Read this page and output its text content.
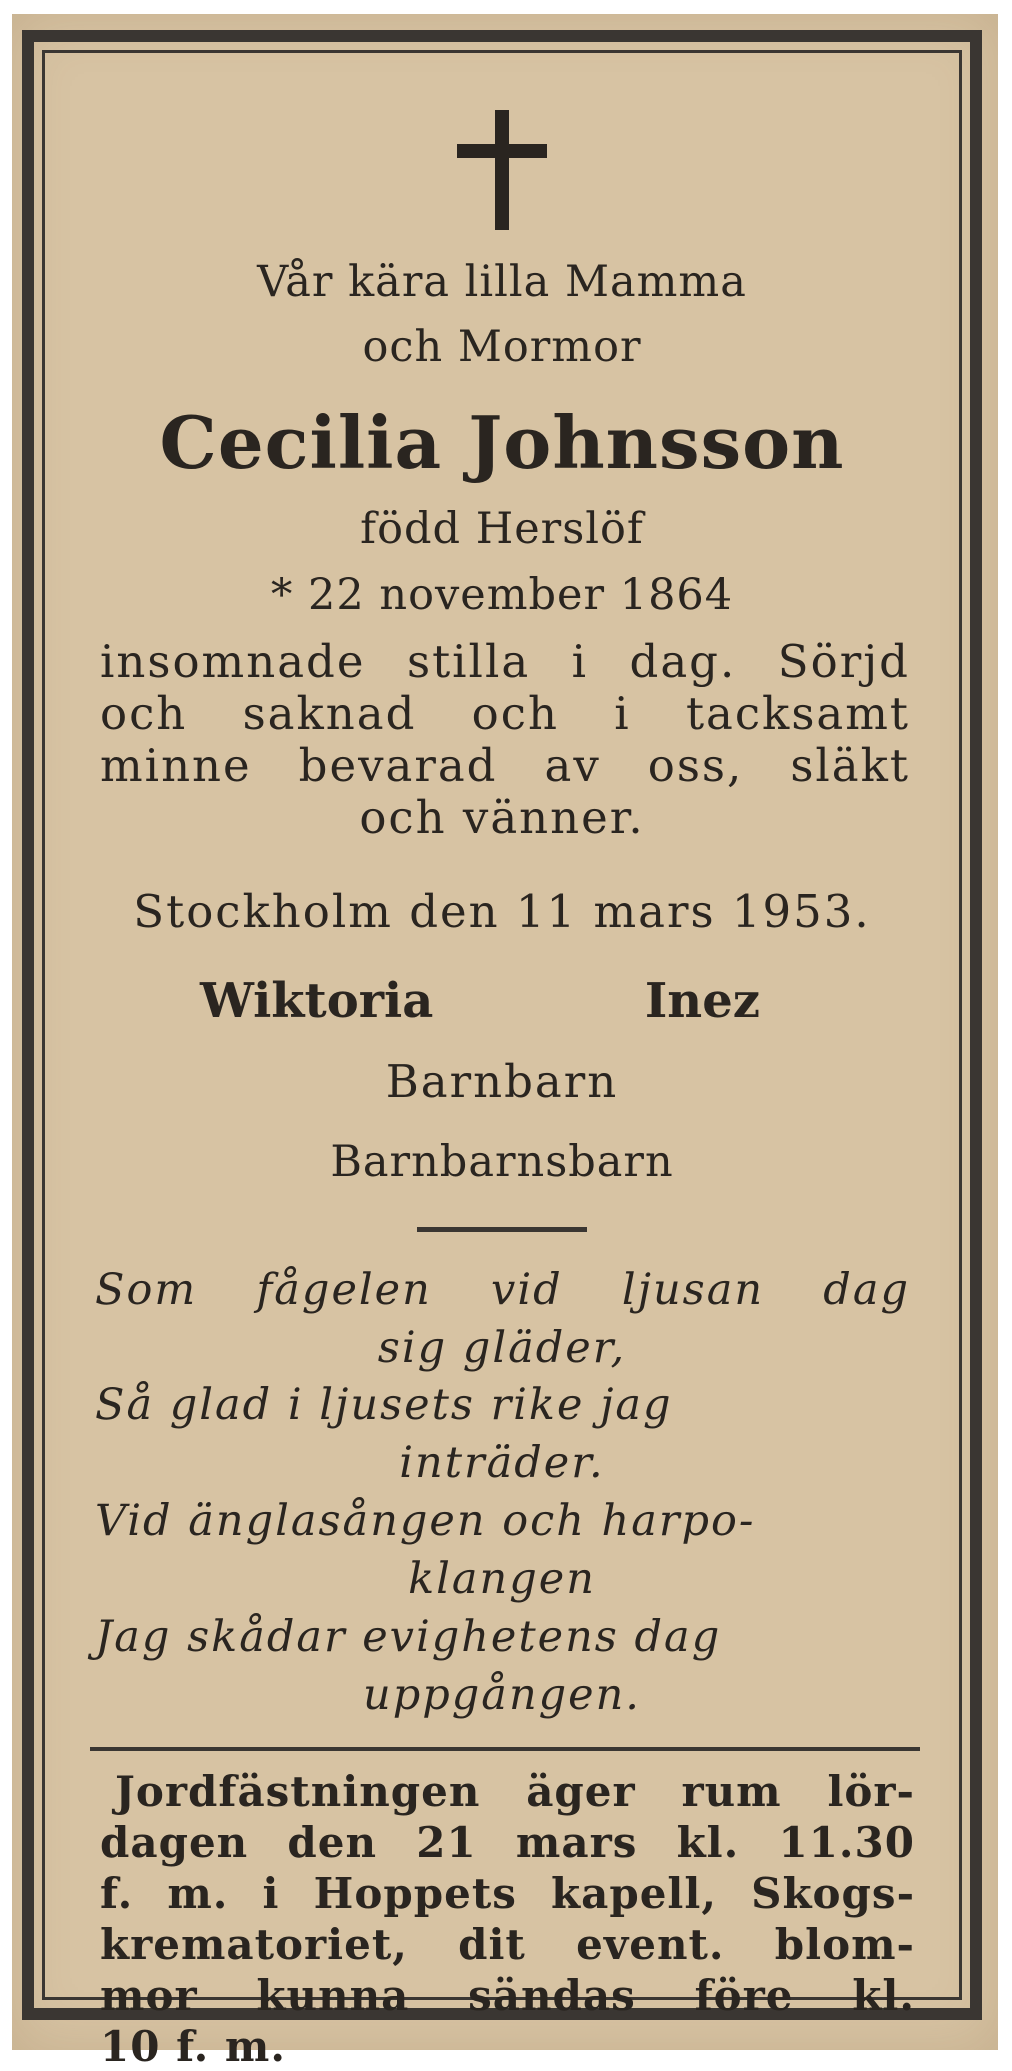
Vår kära lilla Mamma
och Mormor
Cecilia Johnsson
född Herslöf
* 22 november 1864
insomnade stilla i dag. Sörjd
och saknad och i tacksamt
minne bevarad av oss, släkt
och vänner.
Stockholm den 11 mars 1953.
Wiktoria	Inez
Barnbarn
Barnbarnsbarn
Som fågelen vid ljusan dag
sig gläder,
Så glad i ljusets rike jag
inträder.
Vid änglasången och harpo-
klangen
Jag skådar evighetens dag
uppgången.
Jordfästningen äger rum lör-
dagen den 21 mars kl. 11.30
f. m. i Hoppets kapell, Skogs-
krematoriet, dit event. blom-
mor kunna sändas före kl.
10 f. m.
